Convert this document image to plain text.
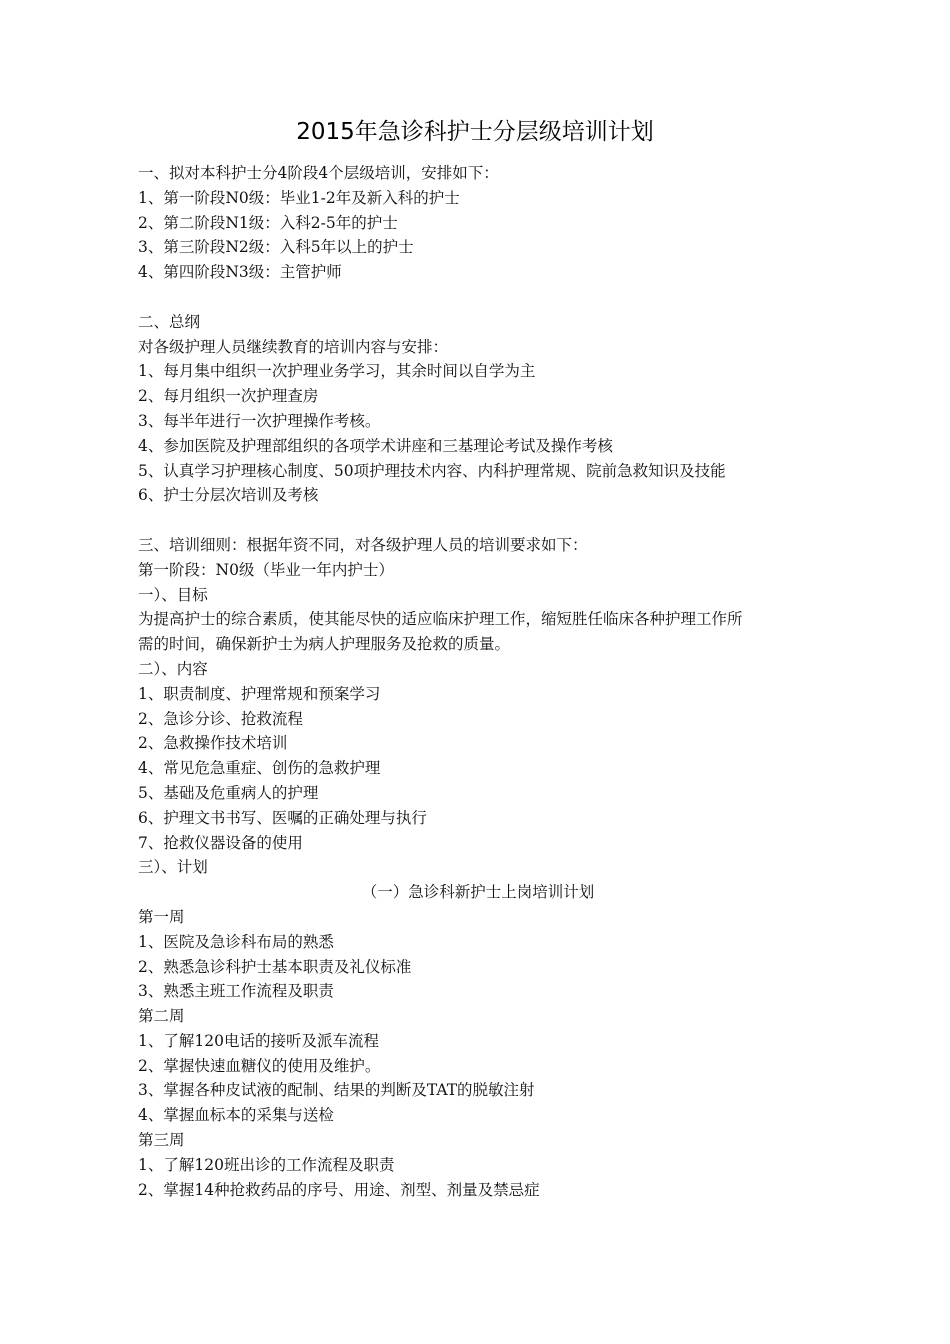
2015年急诊科护士分层级培训计划
一、拟对本科护士分4阶段4个层级培训，安排如下：
1、第一阶段N0级：毕业1-2年及新入科的护士
2、第二阶段N1级：入科2-5年的护士
3、第三阶段N2级：入科5年以上的护士
4、第四阶段N3级：主管护师
二、总纲
对各级护理人员继续教育的培训内容与安排：
1、每月集中组织一次护理业务学习，其余时间以自学为主
2、每月组织一次护理查房
3、每半年进行一次护理操作考核。
4、参加医院及护理部组织的各项学术讲座和三基理论考试及操作考核
5、认真学习护理核心制度、50项护理技术内容、内科护理常规、院前急救知识及技能
6、护士分层次培训及考核
三、培训细则：根据年资不同，对各级护理人员的培训要求如下：
第一阶段：N0级（毕业一年内护士）
一）、目标
为提高护士的综合素质，使其能尽快的适应临床护理工作，缩短胜任临床各种护理工作所
需的时间，确保新护士为病人护理服务及抢救的质量。
二）、内容
1、职责制度、护理常规和预案学习
2、急诊分诊、抢救流程
2、急救操作技术培训
4、常见危急重症、创伤的急救护理
5、基础及危重病人的护理
6、护理文书书写、医嘱的正确处理与执行
7、抢救仪器设备的使用
三）、计划
（一）急诊科新护士上岗培训计划
第一周
1、医院及急诊科布局的熟悉
2、熟悉急诊科护士基本职责及礼仪标准
3、熟悉主班工作流程及职责
第二周
1、了解120电话的接听及派车流程
2、掌握快速血糖仪的使用及维护。
3、掌握各种皮试液的配制、结果的判断及TAT的脱敏注射
4、掌握血标本的采集与送检
第三周
1、了解120班出诊的工作流程及职责
2、掌握14种抢救药品的序号、用途、剂型、剂量及禁忌症
